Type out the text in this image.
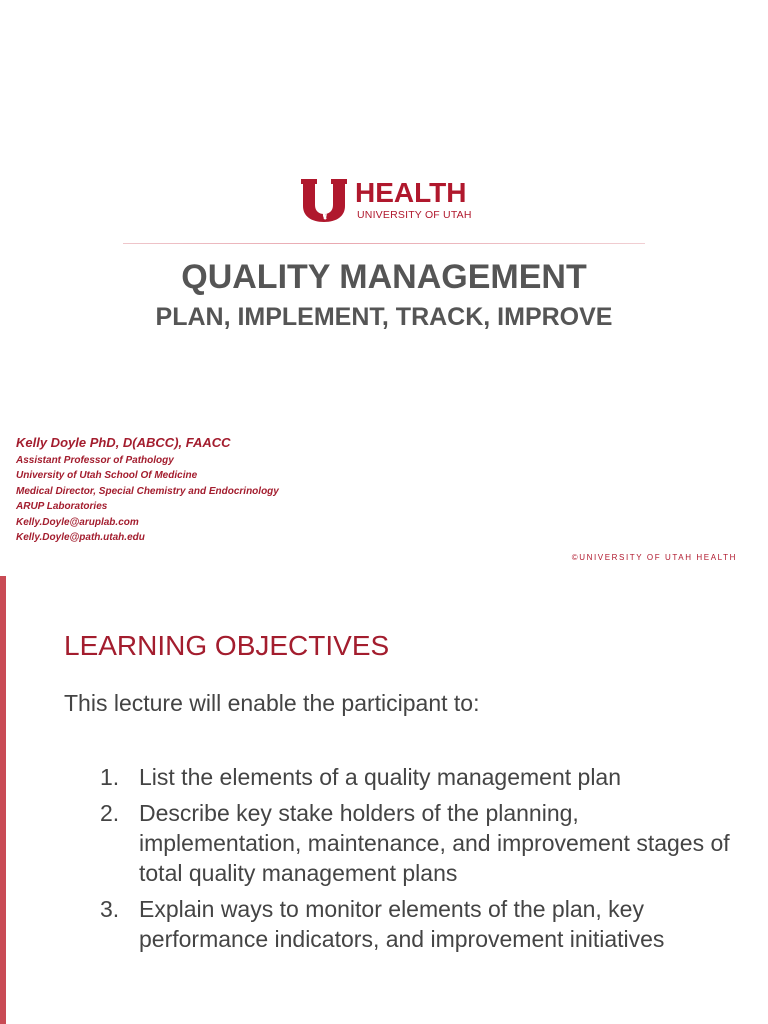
HEALTH
UNIVERSITY OF UTAH
QUALITY MANAGEMENT
PLAN, IMPLEMENT, TRACK, IMPROVE

Kelly Doyle PhD, D(ABCC), FAACC

Assistant Professor of Pathology

University of Utah School Of Medicine

Medical Director, Special Chemistry and Endocrinology

ARUP Laboratories

Kelly.Doyle@aruplab.com

Kelly.Doyle@path.utah.edu

©UNIVERSITY OF UTAH HEALTH
LEARNING OBJECTIVES
This lecture will enable the participant to:
1. List the elements of a quality management plan
2. Describe key stake holders of the planning, implementation, maintenance, and improvement stages of total quality management plans
3. Explain ways to monitor elements of the plan, key performance indicators, and improvement initiatives
